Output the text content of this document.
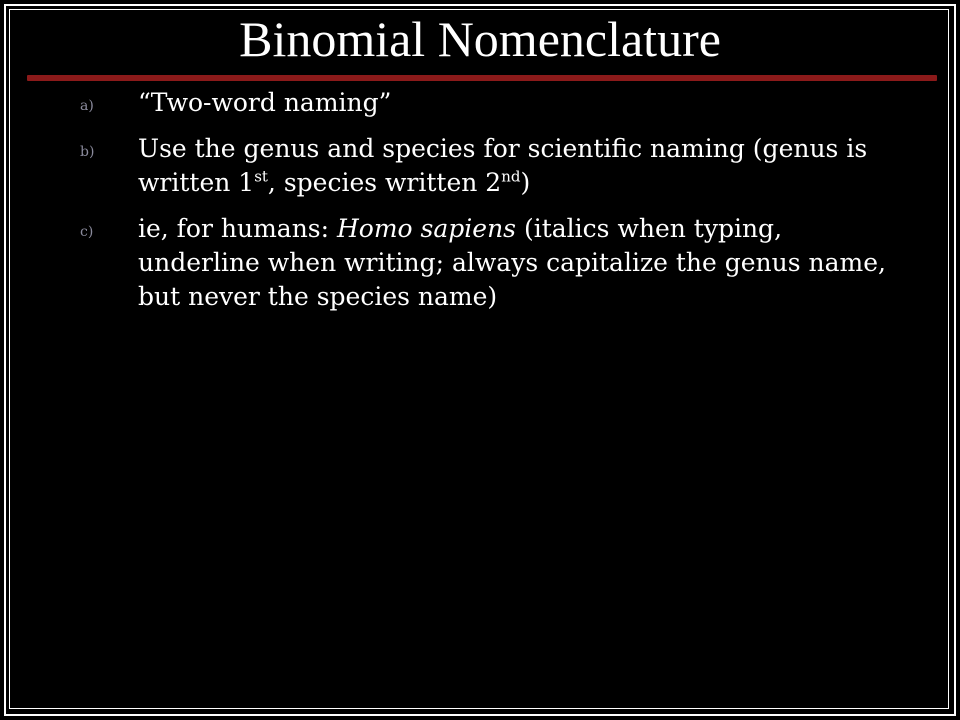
Binomial Nomenclature
a) “Two-word naming”
b) Use the genus and species for scientific naming (genus is written 1st, species written 2nd)
c) ie, for humans: Homo sapiens (italics when typing, underline when writing; always capitalize the genus name, but never the species name)
